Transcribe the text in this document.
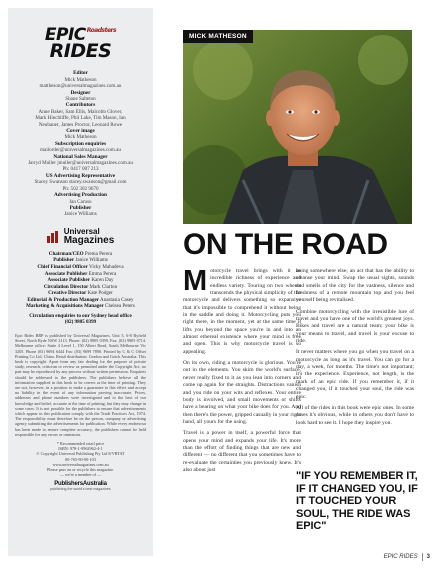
$EPIC^{Roadsters}$
RIDES
Editor
Mick Matheson
mattheson@universalmagazines.com.au
Designer
Shane Salteton
Contributors
Anne Baker, Sam Ellis, Malcolm Glover,
Mark Hinchliffe, Phil Lake, Tim Mason, Ian
Neubauer, James Proctor, Leonard Rowe
Cover image
Mick Matheson
Subscription enquiries
mailorder@universalmagazines.com.au
National Sales Manager
Jarryd Muller jmuller@universalmagazines.com.au
Ph: 0417 087 213
US Advertising Representative
Stacey Swanson stacey.swanson@gmail.com
Ph: 502 302 9670
Advertising Production
Ian Caruso
Publisher
Janice Williams
Universal
Magazines
Chairman/CEO Prema Perera
Publisher Janice Williams
Chief Financial Officer Vicky Mahadeva
Associate Publisher Emma Perera
Associate Publisher Karen Day
Circulation Director Mark Clarton
Creative Director Kate Podger
Editorial & Production Manager Anastasia Casey
Marketing & Acquisitions Manager Chelsea Peters
Circulation enquiries to our Sydney head office
(02) 9805 0399
Epic Rides RRP is published by Universal Magazines, Unit 5, 6-8 Byfield Street, North Ryde NSW 2113. Phone: (02) 9805 0399, Fax: (02) 9805 0714. Melbourne office: Suite 4 Level 1, 150 Albert Road, South Melbourne Vic 3205. Phone (03) 9694 6444 Fax: (03) 9699 7890. Printed by C & C Offset Printing Co Ltd, China. Retail distribution: Gordon and Gotch Australia. This book is copyright. Apart from any fair dealing for the purpose of private study, research, criticism or review as permitted under the Copyright Act, no part may be reproduced by any process without written permission. Enquiries should be addressed to the publishers. The publishers believe all the information supplied in this book to be correct at the time of printing. They are not, however, in a position to make a guarantee to this effect and accept no liability in the event of any information proving inaccurate. Prices, addresses and phone numbers were investigated and to the best of our knowledge and belief, accurate at the time of printing, but they may change in some cases. It is not possible for the publishers to ensure that advertisements which appear in this publication comply with the Trade Practices Act, 1974. The responsibility must therefore be on the person, company or advertising agency submitting the advertisements for publication. While every endeavour has been made to ensure complete accuracy, the publishers cannot be held responsible for any errors or omissions.
* Recommended retail price
ISBN: 978-1-9962962-4-1
© Copyright Universal Publishing Pty Ltd 8/VRTAT
00-765-90-90-103
www.universalmagazines.com.au
Please pass on or recycle this magazine.
— we're a member of —
PublishersAustralia
publishing the world's best magazines
MICK MATHESON
ON THE ROAD

Motorcycle travel brings with it an incredible richness of experience and endless variety. Touring on two wheels transcends the physical simplicity of the motorcycle and delivers something so expansive that it's impossible to comprehend it without being in the saddle and doing it. Motorcycling puts you right there, in the moment, yet at the same time it lifts you beyond the space you're in and into an almost ethereal existence where your mind is free and open. This is why motorcycle travel is so appealing.

On its own, riding a motorcycle is glorious. You're out in the elements. You skim the world's surface, never really fixed to it as you lean into corners and come up again for the straights. Distractions vanish and you ride on your wits and reflexes. Your entire body is involved, and small movements or shifts have a bearing on what your bike does for you. And then there's the power, gripped casually in your right hand, all yours for the using.

Travel is a power in itself, a powerful force that opens your mind and expands your life. It's more than the effort of finding things that are new and different — no different that you sometimes have to re-evaluate the certainties you previously knew. It's also about just

being somewhere else; an act that has the ability to cleanse your mind. Swap the usual sights, sounds and smells of the city for the vastness, silence and freshness of a remote mountain top and you feel yourself being revitalised.

Combine motorcycling with the irresistible lure of travel and you have one of the world's greatest joys. Bikes and travel are a natural team; your bike is your means to travel, and travel is your excuse to ride.

It never matters where you go when you travel on a motorcycle as long as it's travel. You can go for a day, a week, for months. The time's not important; it's the experience. Experience, not length, is the mark of an epic ride. If you remember it, if it changed you, if it touched your soul, the ride was epic.

All of the rides in this book were epic ones. In some cases it's obvious, while in others you don't have to look hard to see it. I hope they inspire you.

"IF YOU REMEMBER IT, IF IT CHANGED YOU, IF IT TOUCHED YOUR SOUL, THE RIDE WAS EPIC"
EPIC RIDES 3
